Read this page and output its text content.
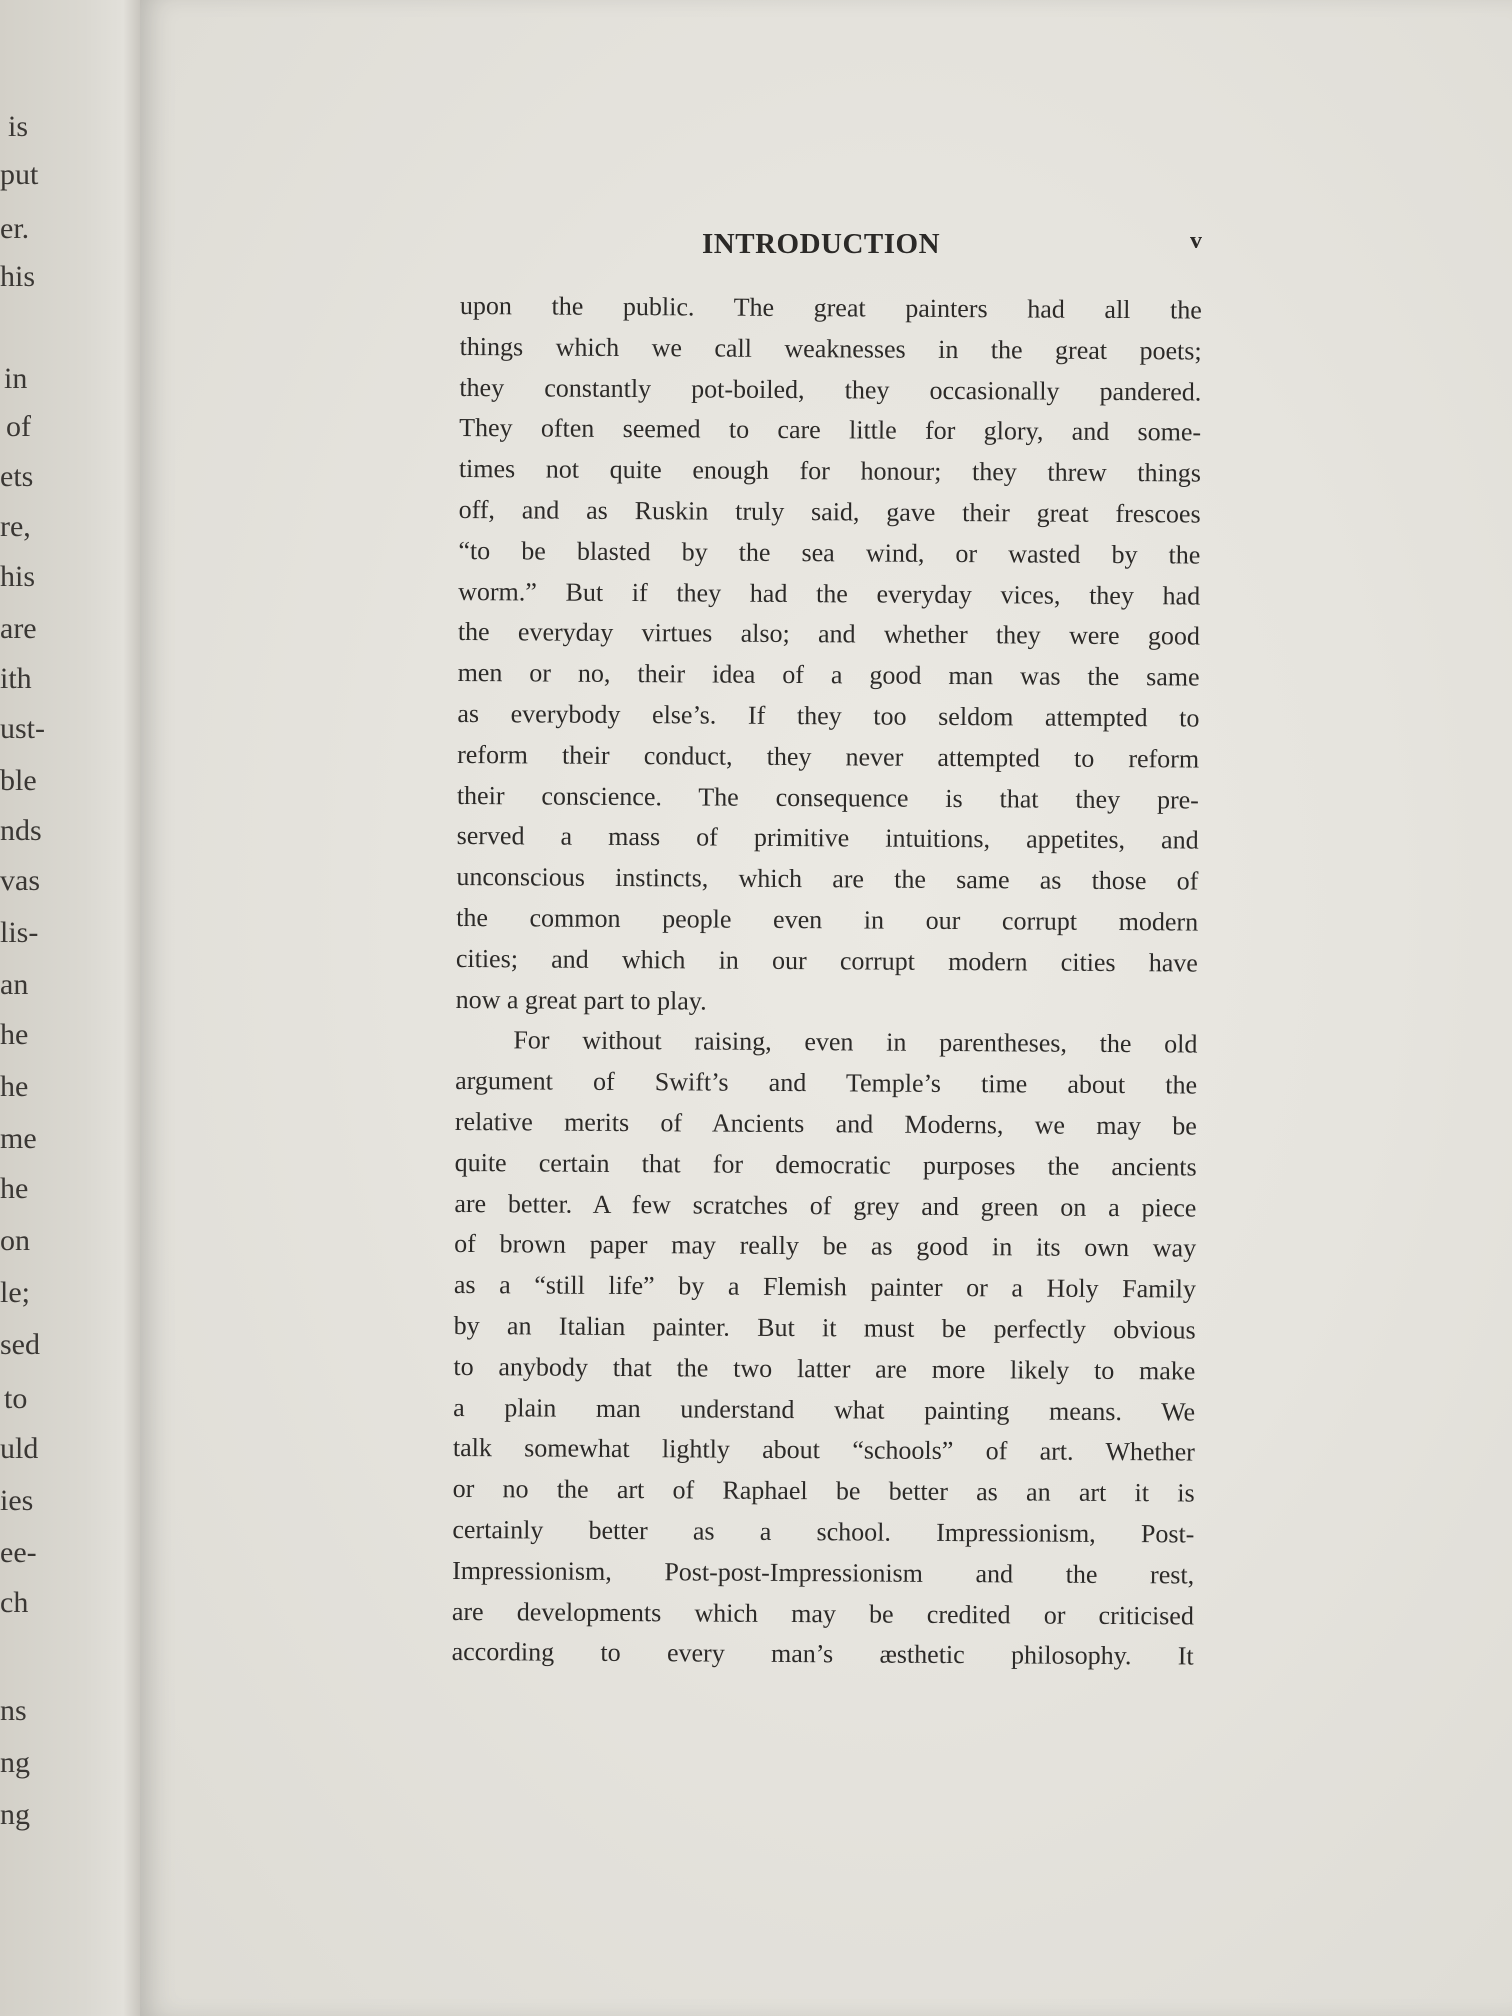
is
put
er.
his
in
of
ets
re,
his
are
ith
ust-
ble
nds
vas
lis-
an
he
he
me
he
on
le;
sed
to
uld
ies
ee-
ch
ns
ng
ng
INTRODUCTION	v
upon the public. The great painters had all the
things which we call weaknesses in the great poets;
they constantly pot-boiled, they occasionally pandered.
They often seemed to care little for glory, and some-
times not quite enough for honour; they threw things
off, and as Ruskin truly said, gave their great frescoes
“to be blasted by the sea wind, or wasted by the
worm.” But if they had the everyday vices, they had
the everyday virtues also; and whether they were good
men or no, their idea of a good man was the same
as everybody else’s. If they too seldom attempted to
reform their conduct, they never attempted to reform
their conscience. The consequence is that they pre-
served a mass of primitive intuitions, appetites, and
unconscious instincts, which are the same as those of
the common people even in our corrupt modern
cities; and which in our corrupt modern cities have
now a great part to play.
For without raising, even in parentheses, the old
argument of Swift’s and Temple’s time about the
relative merits of Ancients and Moderns, we may be
quite certain that for democratic purposes the ancients
are better. A few scratches of grey and green on a piece
of brown paper may really be as good in its own way
as a “still life” by a Flemish painter or a Holy Family
by an Italian painter. But it must be perfectly obvious
to anybody that the two latter are more likely to make
a plain man understand what painting means. We
talk somewhat lightly about “schools” of art. Whether
or no the art of Raphael be better as an art it is
certainly better as a school. Impressionism, Post-
Impressionism, Post-post-Impressionism and the rest,
are developments which may be credited or criticised
according to every man’s æsthetic philosophy. It
